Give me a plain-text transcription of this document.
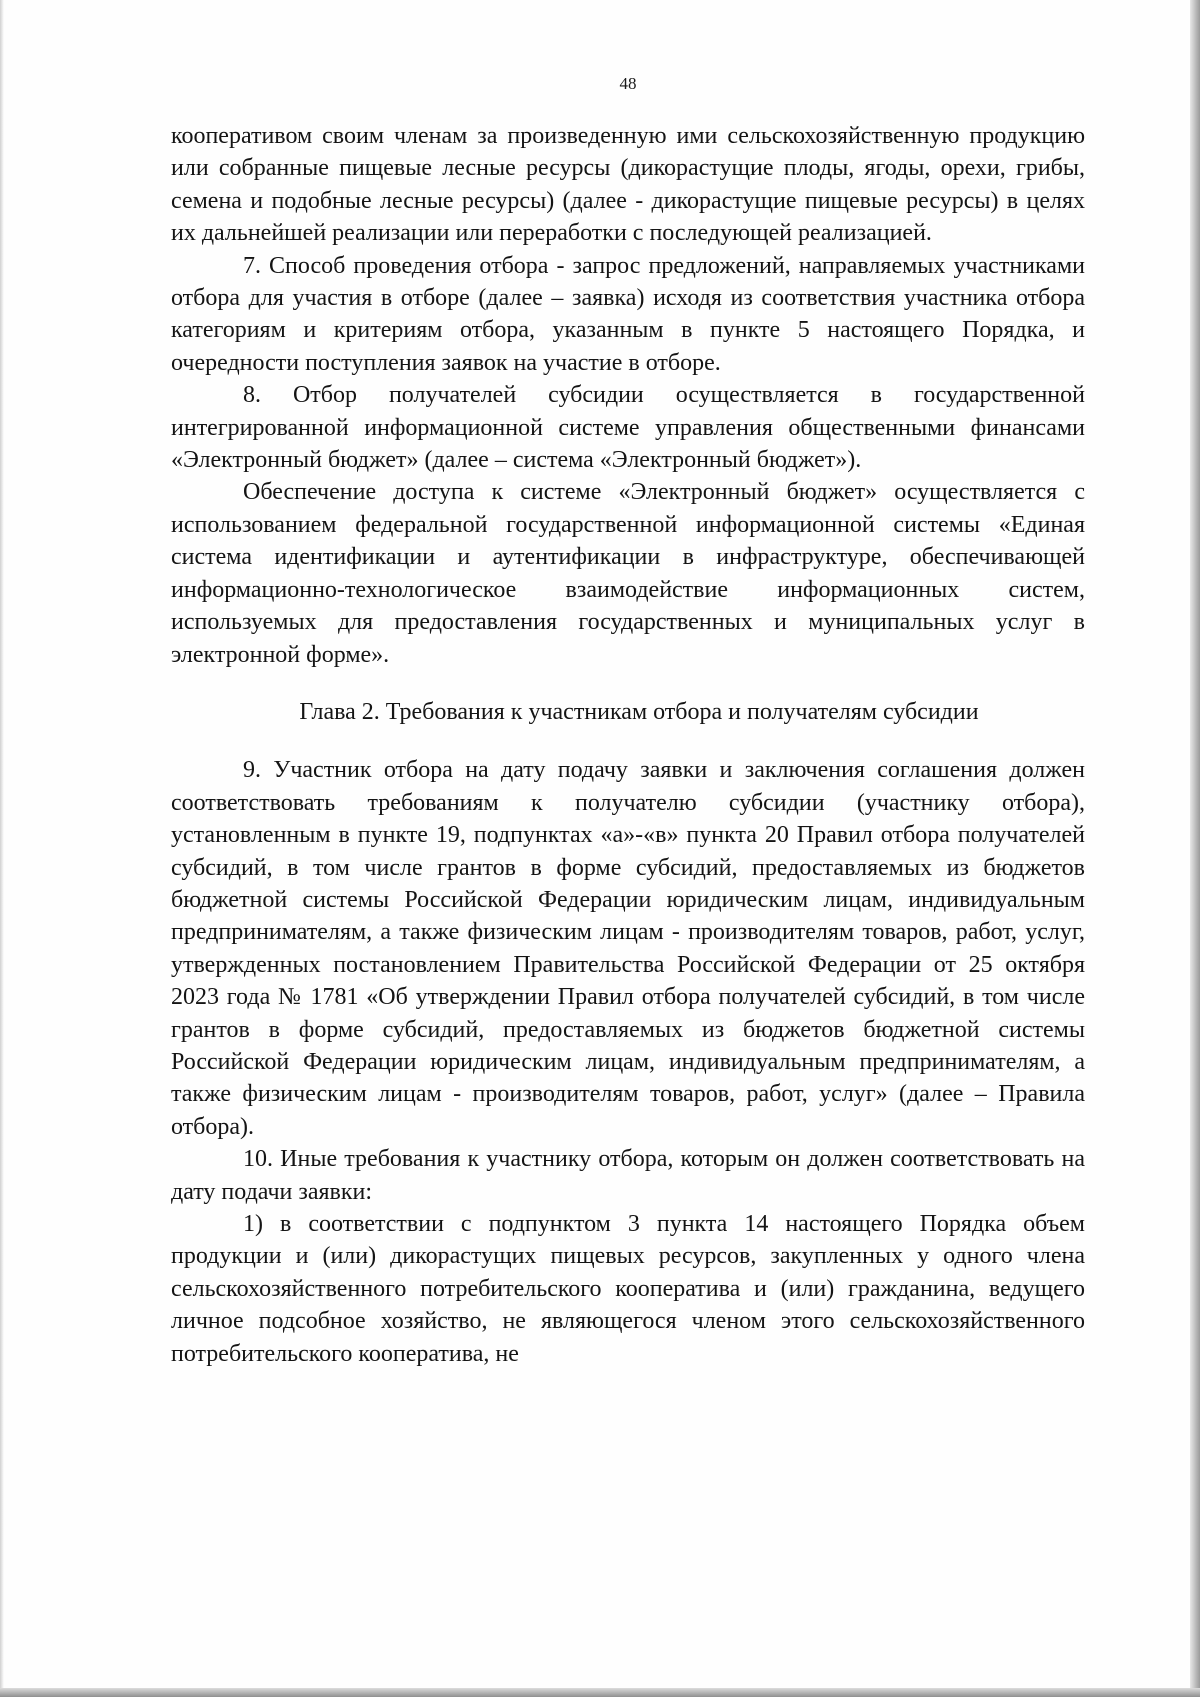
48

кооперативом своим членам за произведенную ими сельскохозяйственную продукцию или собранные пищевые лесные ресурсы (дикорастущие плоды, ягоды, орехи, грибы, семена и подобные лесные ресурсы) (далее - дикорастущие пищевые ресурсы) в целях их дальнейшей реализации или переработки с последующей реализацией.

7. Способ проведения отбора - запрос предложений, направляемых участниками отбора для участия в отборе (далее – заявка) исходя из соответствия участника отбора категориям и критериям отбора, указанным в пункте 5 настоящего Порядка, и очередности поступления заявок на участие в отборе.

8. Отбор получателей субсидии осуществляется в государственной интегрированной информационной системе управления общественными финансами «Электронный бюджет» (далее – система «Электронный бюджет»).

Обеспечение доступа к системе «Электронный бюджет» осуществляется с использованием федеральной государственной информационной системы «Единая система идентификации и аутентификации в инфраструктуре, обеспечивающей информационно-технологическое взаимодействие информационных систем, используемых для предоставления государственных и муниципальных услуг в электронной форме».

Глава 2. Требования к участникам отбора и получателям субсидии

9. Участник отбора на дату подачу заявки и заключения соглашения должен соответствовать требованиям к получателю субсидии (участнику отбора), установленным в пункте 19, подпунктах «а»-«в» пункта 20 Правил отбора получателей субсидий, в том числе грантов в форме субсидий, предоставляемых из бюджетов бюджетной системы Российской Федерации юридическим лицам, индивидуальным предпринимателям, а также физическим лицам - производителям товаров, работ, услуг, утвержденных постановлением Правительства Российской Федерации от 25 октября 2023 года № 1781 «Об утверждении Правил отбора получателей субсидий, в том числе грантов в форме субсидий, предоставляемых из бюджетов бюджетной системы Российской Федерации юридическим лицам, индивидуальным предпринимателям, а также физическим лицам - производителям товаров, работ, услуг» (далее – Правила отбора).

10. Иные требования к участнику отбора, которым он должен соответствовать на дату подачи заявки:

1) в соответствии с подпунктом 3 пункта 14 настоящего Порядка объем продукции и (или) дикорастущих пищевых ресурсов, закупленных у одного члена сельскохозяйственного потребительского кооператива и (или) гражданина, ведущего личное подсобное хозяйство, не являющегося членом этого сельскохозяйственного потребительского кооператива, не
